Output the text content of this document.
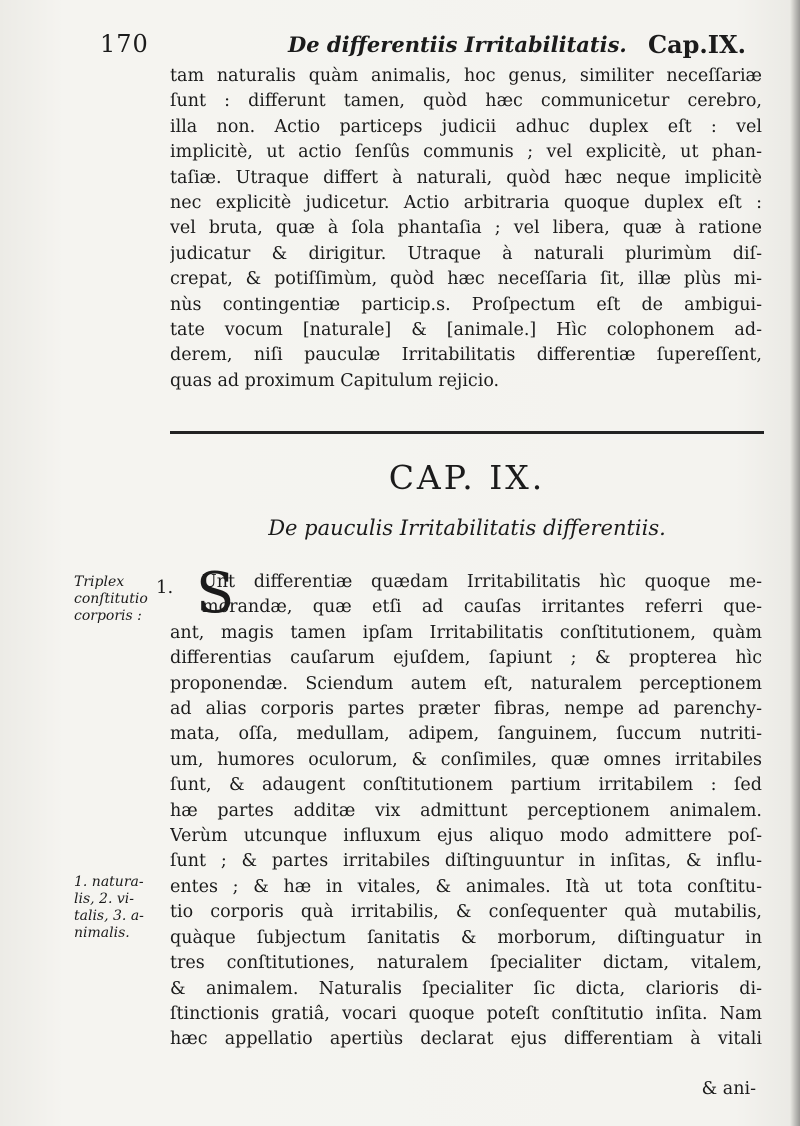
170	De differentiis Irritabilitatis. Cap.IX.
tam naturalis quàm animalis, hoc genus, similiter neceſſariæ
ſunt : differunt tamen, quòd hæc communicetur cerebro,
illa non. Actio particeps judicii adhuc duplex eſt : vel
implicitè, ut actio ſenſûs communis ; vel explicitè, ut phan-
taſiæ. Utraque differt à naturali, quòd hæc neque implicitè
nec explicitè judicetur. Actio arbitraria quoque duplex eſt :
vel bruta, quæ à ſola phantaſia ; vel libera, quæ à ratione
judicatur & dirigitur. Utraque à naturali plurimùm diſ-
crepat, & potiſſimùm, quòd hæc neceſſaria ſit, illæ plùs mi-
nùs contingentiæ particip.s. Proſpectum eſt de ambigui-
tate vocum [naturale] & [animale.] Hìc colophonem ad-
derem, niſi pauculæ Irritabilitatis differentiæ ſupereſſent,
quas ad proximum Capitulum rejicio.
CAP. IX.
De pauculis Irritabilitatis differentiis.
1. S
Unt differentiæ quædam Irritabilitatis hìc quoque me-
morandæ, quæ etſi ad cauſas irritantes referri que-
ant, magis tamen ipſam Irritabilitatis conſtitutionem, quàm
differentias cauſarum ejuſdem, ſapiunt ; & propterea hìc
proponendæ. Sciendum autem eſt, naturalem perceptionem
ad alias corporis partes præter fibras, nempe ad parenchy-
mata, oſſa, medullam, adipem, ſanguinem, ſuccum nutriti-
um, humores oculorum, & conſimiles, quæ omnes irritabiles
ſunt, & adaugent conſtitutionem partium irritabilem : ſed
hæ partes additæ vix admittunt perceptionem animalem.
Verùm utcunque influxum ejus aliquo modo admittere poſ-
ſunt ; & partes irritabiles diſtinguuntur in inſitas, & influ-
entes ; & hæ in vitales, & animales. Ità ut tota conſtitu-
tio corporis quà irritabilis, & conſequenter quà mutabilis,
quàque ſubjectum ſanitatis & morborum, diſtinguatur in
tres conſtitutiones, naturalem ſpecialiter dictam, vitalem,
& animalem. Naturalis ſpecialiter ſic dicta, clarioris di-
ſtinctionis gratiâ, vocari quoque poteſt conſtitutio inſita. Nam
hæc appellatio apertiùs declarat ejus differentiam à vitali
Triplex
conſtitutio
corporis :
1. natura-
lis, 2. vi-
talis, 3. a-
nimalis.
& ani-
